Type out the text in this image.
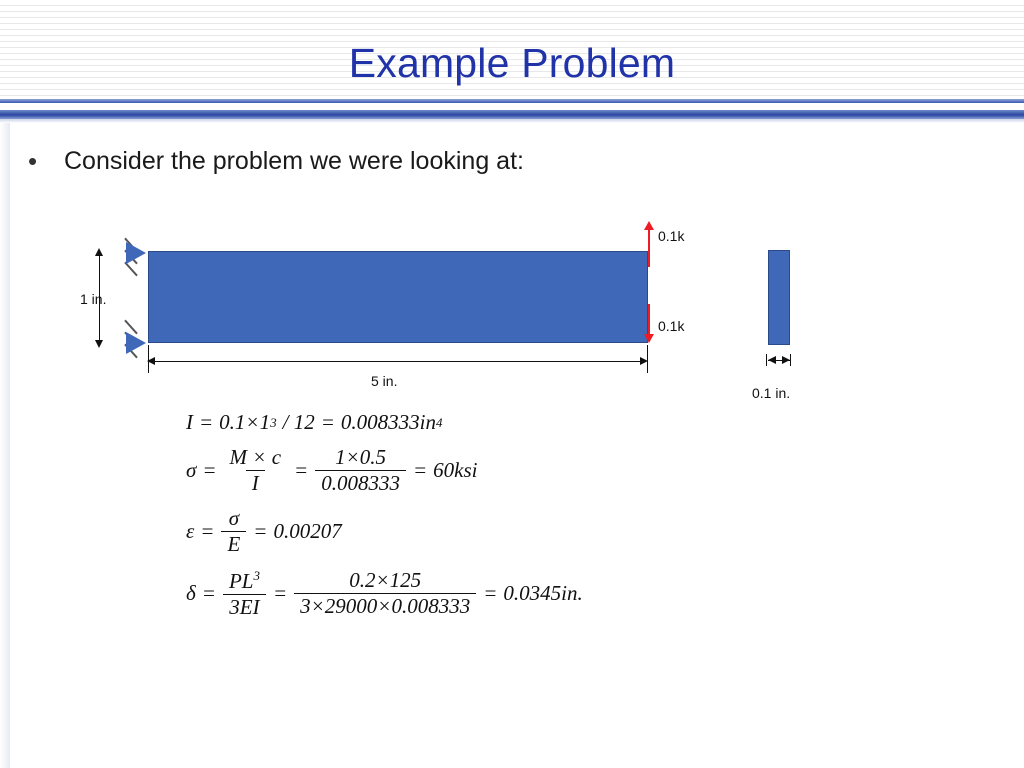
Example Problem
•	Consider the problem we were looking at:
1 in.
5 in.
0.1k
0.1k
0.1 in.
I = 0.1×1 3 / 12 = 0.008333in 4
$\sigma = \frac{M \times c}{I} = \frac{1\times 0.5}{0.008333} = 60ksi$
$\varepsilon = \frac{\sigma}{E} = 0.00207$
$\delta = \frac{PL^3}{3EI} = \frac{0.2\times 125}{3\times 29000\times 0.008333} = 0.0345in$.
